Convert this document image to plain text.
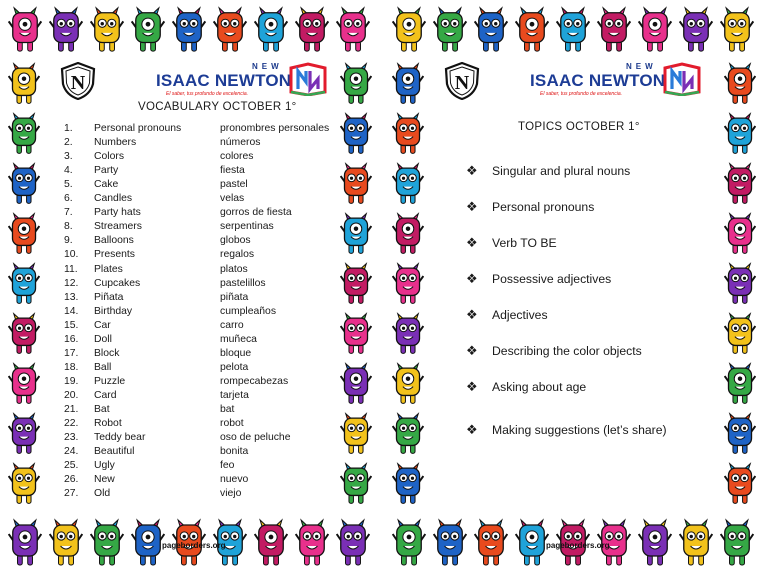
N
NEW
ISAAC NEWTON
El saber, tus profundo de excelencia.
VOCABULARY OCTOBER 1°
1. Personal pronouns	pronombres personales
2. Numbers	números
3. Colors	colores
4. Party	fiesta
5. Cake	pastel
6. Candles	velas
7. Party hats	gorros de fiesta
8. Streamers	serpentinas
9. Balloons	globos
10. Presents	regalos
11. Plates	platos
12. Cupcakes	pastelillos
13. Piñata	piñata
14. Birthday	cumpleaños
15. Car	carro
16. Doll	muñeca
17. Block	bloque
18. Ball	pelota
19. Puzzle	rompecabezas
20. Card	tarjeta
21. Bat	bat
22. Robot	robot
23. Teddy bear	oso de peluche
24. Beautiful	bonita
25. Ugly	feo
26. New	nuevo
27. Old	viejo
pageborders.org
N
NEW
ISAAC NEWTON
El saber, tus profundo de excelencia.
TOPICS OCTOBER 1°
❖ Singular and plural nouns
❖ Personal pronouns
❖ Verb TO BE
❖ Possessive adjectives
❖ Adjectives
❖ Describing the color objects
❖ Asking about age
❖ Making suggestions (let’s share)
pageborders.org
